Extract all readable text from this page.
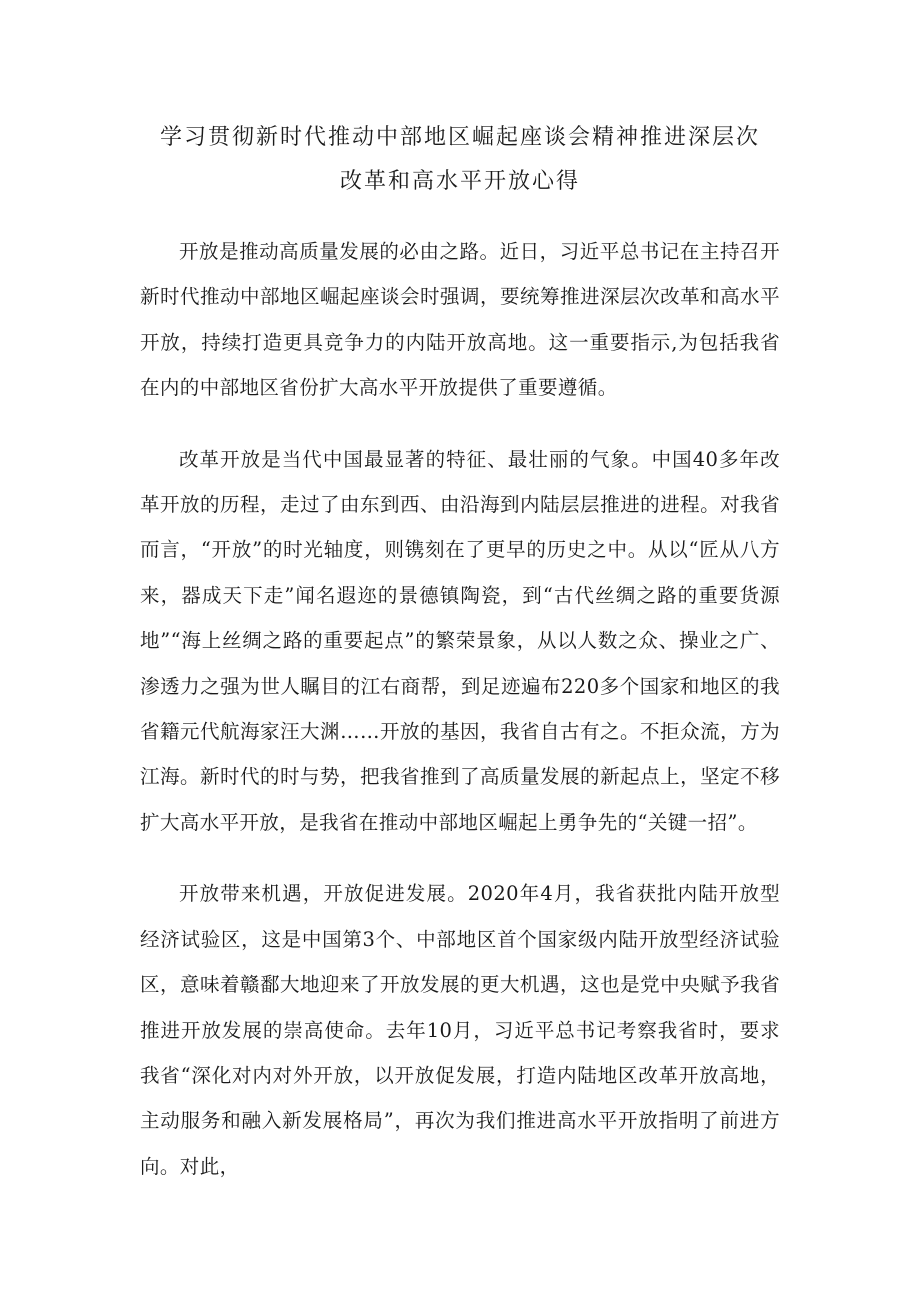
学习贯彻新时代推动中部地区崛起座谈会精神推进深层次
改革和高水平开放心得

开放是推动高质量发展的必由之路。近日，习近平总书记在主持召开新时代推动中部地区崛起座谈会时强调，要统筹推进深层次改革和高水平开放，持续打造更具竞争力的内陆开放高地。这一重要指示,为包括我省在内的中部地区省份扩大高水平开放提供了重要遵循。

改革开放是当代中国最显著的特征、最壮丽的气象。中国40多年改革开放的历程，走过了由东到西、由沿海到内陆层层推进的进程。对我省而言，“开放”的时光轴度，则镌刻在了更早的历史之中。从以“匠从八方来，器成天下走”闻名遐迩的景德镇陶瓷，到“古代丝绸之路的重要货源地”“海上丝绸之路的重要起点”的繁荣景象，从以人数之众、操业之广、渗透力之强为世人瞩目的江右商帮，到足迹遍布220多个国家和地区的我省籍元代航海家汪大渊……开放的基因，我省自古有之。不拒众流，方为江海。新时代的时与势，把我省推到了高质量发展的新起点上，坚定不移扩大高水平开放，是我省在推动中部地区崛起上勇争先的“关键一招”。

开放带来机遇，开放促进发展。2020年4月，我省获批内陆开放型经济试验区，这是中国第3个、中部地区首个国家级内陆开放型经济试验区，意味着赣鄱大地迎来了开放发展的更大机遇，这也是党中央赋予我省推进开放发展的崇高使命。去年10月，习近平总书记考察我省时，要求我省“深化对内对外开放，以开放促发展，打造内陆地区改革开放高地，主动服务和融入新发展格局”，再次为我们推进高水平开放指明了前进方向。对此，
